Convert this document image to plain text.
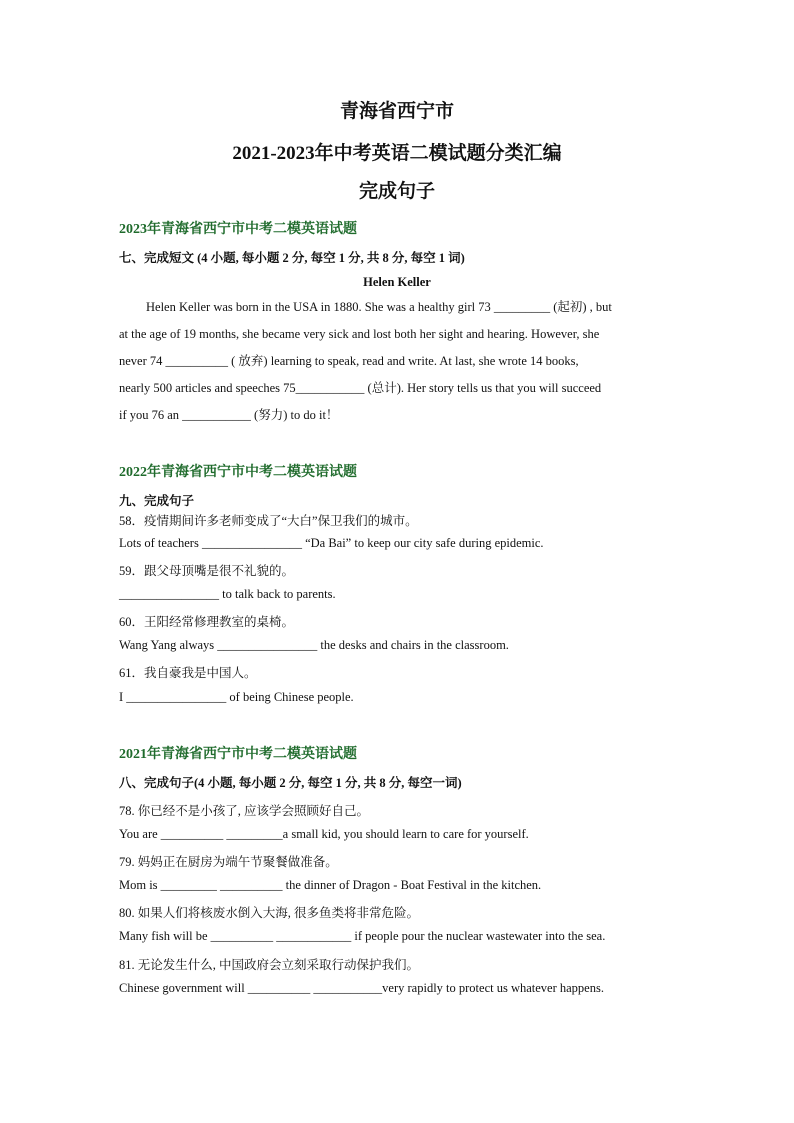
青海省西宁市
2021-2023年中考英语二模试题分类汇编
完成句子
2023年青海省西宁市中考二模英语试题
七、完成短文 (4 小题, 每小题 2 分, 每空 1 分, 共 8 分, 每空 1 词)
Helen Keller
Helen Keller was born in the USA in 1880. She was a healthy girl 73 _________ (起初) , but
at the age of 19 months, she became very sick and lost both her sight and hearing. However, she
never 74 __________ ( 放弃) learning to speak, read and write. At last, she wrote 14 books,
nearly 500 articles and speeches 75___________ (总计). Her story tells us that you will succeed
if you 76 an ___________ (努力) to do it！
2022年青海省西宁市中考二模英语试题
九、完成句子
58．疫情期间许多老师变成了“大白”保卫我们的城市。
Lots of teachers ________________ “Da Bai” to keep our city safe during epidemic.
59．跟父母顶嘴是很不礼貌的。
________________ to talk back to parents.
60．王阳经常修理教室的桌椅。
Wang Yang always ________________ the desks and chairs in the classroom.
61．我自豪我是中国人。
I ________________ of being Chinese people.
2021年青海省西宁市中考二模英语试题
八、完成句子(4 小题, 每小题 2 分, 每空 1 分, 共 8 分, 每空一词)
78. 你已经不是小孩了, 应该学会照顾好自己。
You are __________ _________a small kid, you should learn to care for yourself.
79. 妈妈正在厨房为端午节聚餐做准备。
Mom is _________ __________ the dinner of Dragon - Boat Festival in the kitchen.
80. 如果人们将核废水倒入大海, 很多鱼类将非常危险。
Many fish will be __________ ____________ if people pour the nuclear wastewater into the sea.
81. 无论发生什么, 中国政府会立刻采取行动保护我们。
Chinese government will __________ ___________very rapidly to protect us whatever happens.
